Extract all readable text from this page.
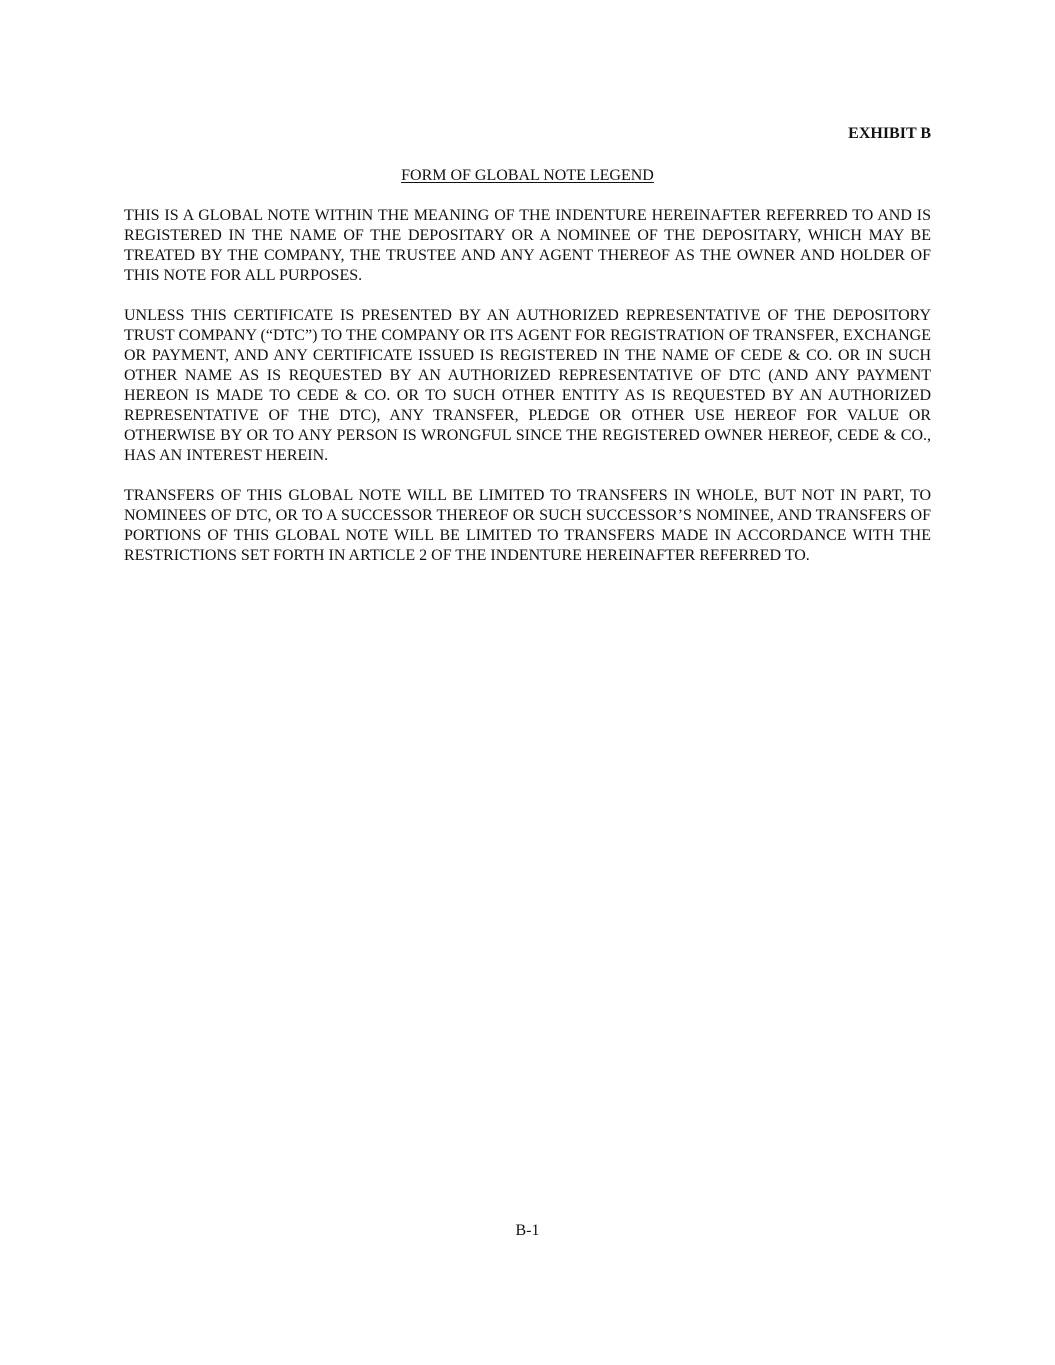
EXHIBIT B

FORM OF GLOBAL NOTE LEGEND

THIS IS A GLOBAL NOTE WITHIN THE MEANING OF THE INDENTURE HEREINAFTER REFERRED TO AND IS REGISTERED IN THE NAME OF THE DEPOSITARY OR A NOMINEE OF THE DEPOSITARY, WHICH MAY BE TREATED BY THE COMPANY, THE TRUSTEE AND ANY AGENT THEREOF AS THE OWNER AND HOLDER OF THIS NOTE FOR ALL PURPOSES.

UNLESS THIS CERTIFICATE IS PRESENTED BY AN AUTHORIZED REPRESENTATIVE OF THE DEPOSITORY TRUST COMPANY (“DTC”) TO THE COMPANY OR ITS AGENT FOR REGISTRATION OF TRANSFER, EXCHANGE OR PAYMENT, AND ANY CERTIFICATE ISSUED IS REGISTERED IN THE NAME OF CEDE & CO. OR IN SUCH OTHER NAME AS IS REQUESTED BY AN AUTHORIZED REPRESENTATIVE OF DTC (AND ANY PAYMENT HEREON IS MADE TO CEDE & CO. OR TO SUCH OTHER ENTITY AS IS REQUESTED BY AN AUTHORIZED REPRESENTATIVE OF THE DTC), ANY TRANSFER, PLEDGE OR OTHER USE HEREOF FOR VALUE OR OTHERWISE BY OR TO ANY PERSON IS WRONGFUL SINCE THE REGISTERED OWNER HEREOF, CEDE & CO., HAS AN INTEREST HEREIN.

TRANSFERS OF THIS GLOBAL NOTE WILL BE LIMITED TO TRANSFERS IN WHOLE, BUT NOT IN PART, TO NOMINEES OF DTC, OR TO A SUCCESSOR THEREOF OR SUCH SUCCESSOR’S NOMINEE, AND TRANSFERS OF PORTIONS OF THIS GLOBAL NOTE WILL BE LIMITED TO TRANSFERS MADE IN ACCORDANCE WITH THE RESTRICTIONS SET FORTH IN ARTICLE 2 OF THE INDENTURE HEREINAFTER REFERRED TO.

B-1
